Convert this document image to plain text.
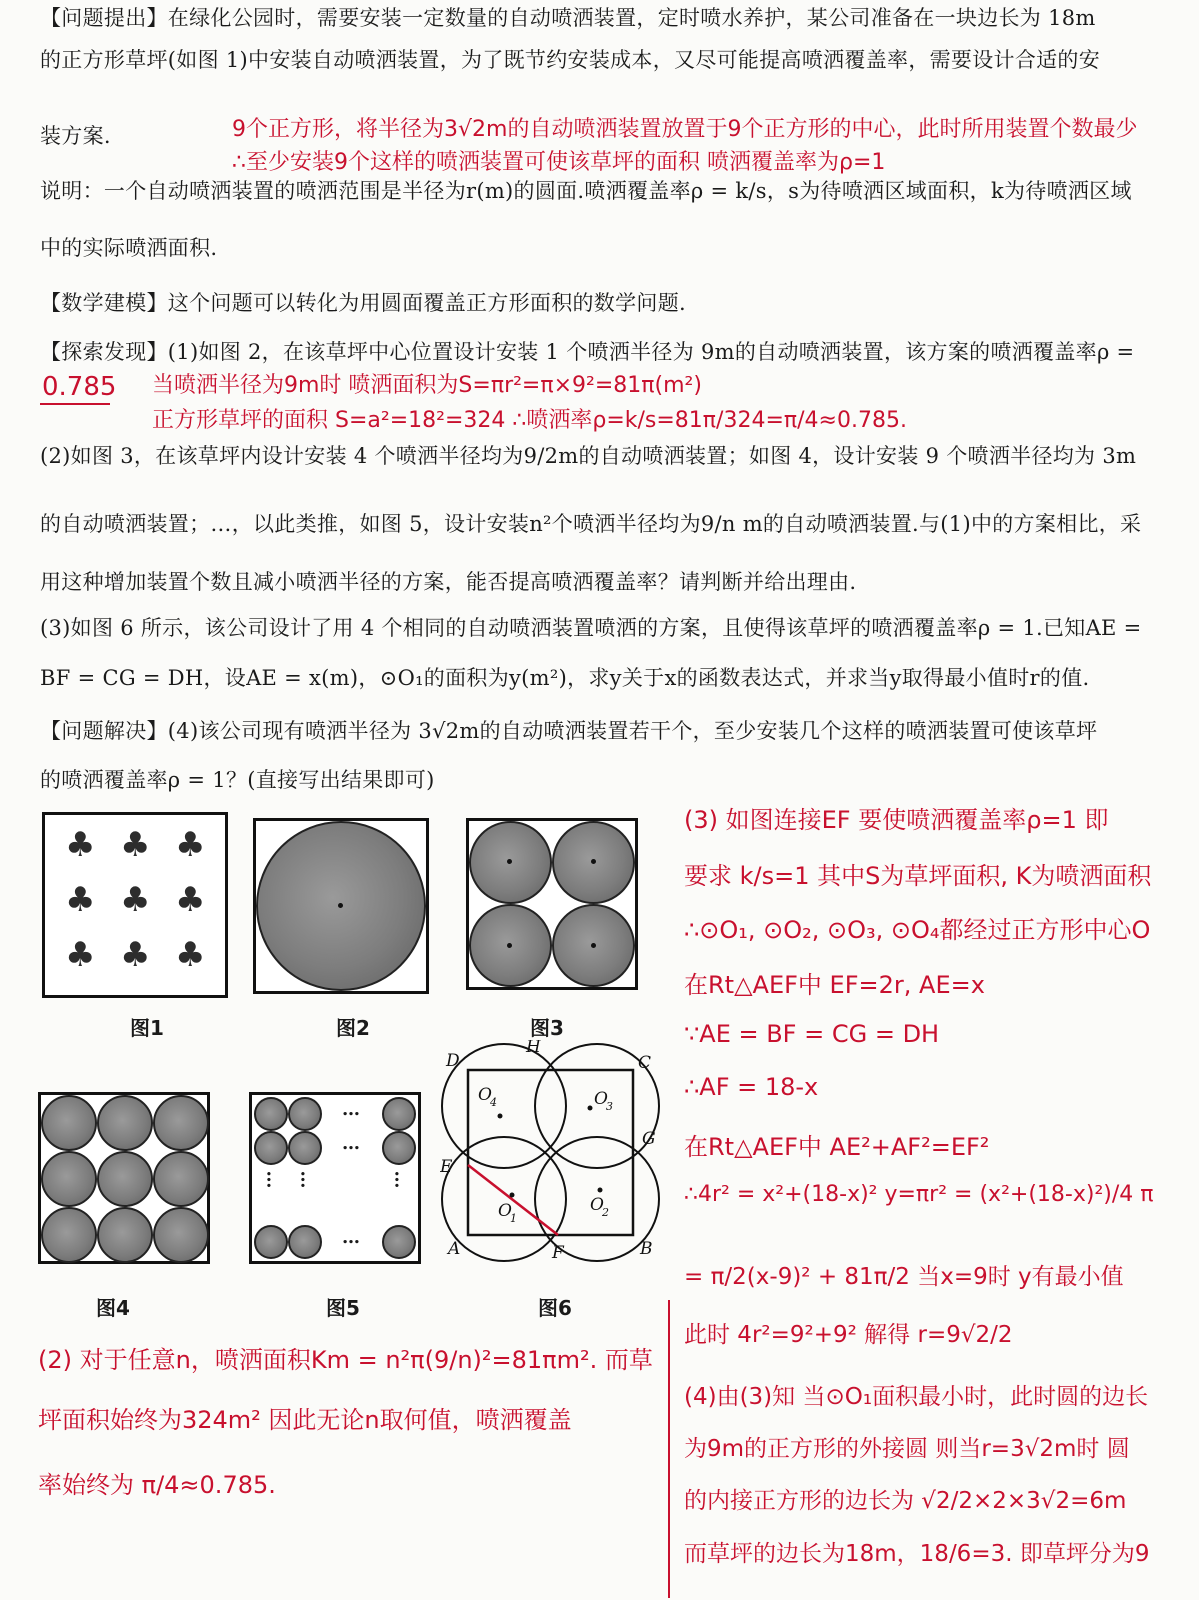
【问题提出】在绿化公园时，需要安装一定数量的自动喷洒装置，定时喷水养护，某公司准备在一块边长为 18m
的正方形草坪(如图 1)中安装自动喷洒装置，为了既节约安装成本，又尽可能提高喷洒覆盖率，需要设计合适的安
装方案.
说明：一个自动喷洒装置的喷洒范围是半径为r(m)的圆面.喷洒覆盖率ρ = k/s，s为待喷洒区域面积，k为待喷洒区域
中的实际喷洒面积.
【数学建模】这个问题可以转化为用圆面覆盖正方形面积的数学问题.
【探索发现】(1)如图 2，在该草坪中心位置设计安装 1 个喷洒半径为 9m的自动喷洒装置，该方案的喷洒覆盖率ρ =
(2)如图 3，在该草坪内设计安装 4 个喷洒半径均为9/2m的自动喷洒装置；如图 4，设计安装 9 个喷洒半径均为 3m
的自动喷洒装置；…，以此类推，如图 5，设计安装n²个喷洒半径均为9/n m的自动喷洒装置.与(1)中的方案相比，采
用这种增加装置个数且减小喷洒半径的方案，能否提高喷洒覆盖率？请判断并给出理由.
(3)如图 6 所示，该公司设计了用 4 个相同的自动喷洒装置喷洒的方案，且使得该草坪的喷洒覆盖率ρ = 1.已知AE =
BF = CG = DH，设AE = x(m)，⊙O₁的面积为y(m²)，求y关于x的函数表达式，并求当y取得最小值时r的值.
【问题解决】(4)该公司现有喷洒半径为 3√2m的自动喷洒装置若干个，至少安装几个这样的喷洒装置可使该草坪
的喷洒覆盖率ρ = 1？(直接写出结果即可)
9个正方形，将半径为3√2m的自动喷洒装置放置于9个正方形的中心，此时所用装置个数最少
∴至少安装9个这样的喷洒装置可使该草坪的面积 喷洒覆盖率为ρ=1
0.785 当喷洒半径为9m时 喷洒面积为S=πr²=π×9²=81π(m²)
正方形草坪的面积 S=a²=18²=324 ∴喷洒率ρ=k/s=81π/324=π/4≈0.785.
♣ ♣ ♣
♣ ♣ ♣
♣ ♣ ♣
图1	图2	图3
图4
…
…
…
… …	…
图5
D
H
C
G
E
A	F	B
O
1
O
2
O
3
O
4
图6
(2) 对于任意n，喷洒面积Km = n²π(9/n)²=81πm². 而草
坪面积始终为324m² 因此无论n取何值，喷洒覆盖
率始终为 π/4≈0.785.
(3) 如图连接EF 要使喷洒覆盖率ρ=1 即
要求 k/s=1 其中S为草坪面积, K为喷洒面积
∴⊙O₁, ⊙O₂, ⊙O₃, ⊙O₄都经过正方形中心O
在Rt△AEF中 EF=2r, AE=x
∵AE = BF = CG = DH
∴AF = 18-x
在Rt△AEF中 AE²+AF²=EF²
∴4r² = x²+(18-x)² y=πr² = (x²+(18-x)²)/4 π
= π/2(x-9)² + 81π/2 当x=9时 y有最小值
此时 4r²=9²+9² 解得 r=9√2/2
(4)由(3)知 当⊙O₁面积最小时，此时圆的边长
为9m的正方形的外接圆 则当r=3√2m时 圆
的内接正方形的边长为 √2/2×2×3√2=6m
而草坪的边长为18m，18/6=3. 即草坪分为9
